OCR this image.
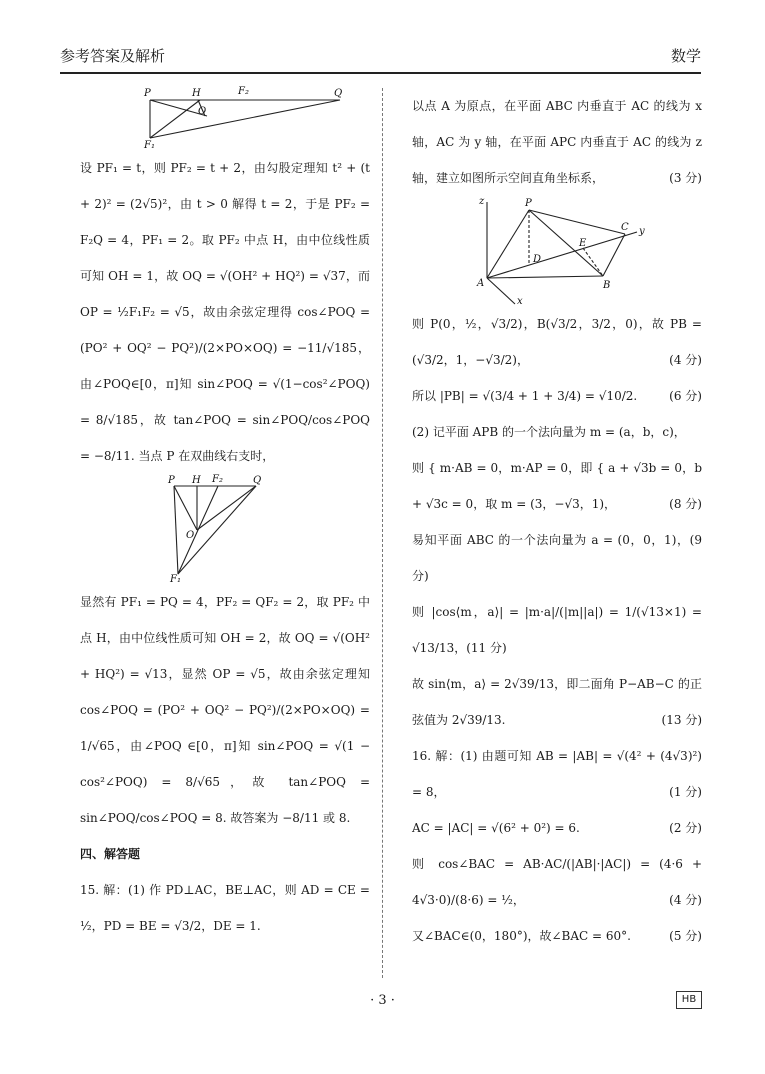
参考答案及解析	数学
P	H
O
F₂	Q
F₁

设 PF₁ = t，则 PF₂ = t + 2，由勾股定理知 t² + (t + 2)² = (2√5)²，由 t > 0 解得 t = 2，于是 PF₂ = F₂Q = 4，PF₁ = 2。取 PF₂ 中点 H，由中位线性质可知 OH = 1，故 OQ = √(OH² + HQ²) = √37，而 OP = ½F₁F₂ = √5，故由余弦定理得 cos∠POQ = (PO² + OQ² − PQ²)/(2×PO×OQ) = −11/√185，由∠POQ∈[0，π]知 sin∠POQ = √(1−cos²∠POQ) = 8/√185，故 tan∠POQ = sin∠POQ/cos∠POQ = −8/11. 当点 P 在双曲线右支时，

P H F₂	Q
O
F₁

显然有 PF₁ = PQ = 4，PF₂ = QF₂ = 2，取 PF₂ 中点 H，由中位线性质可知 OH = 2，故 OQ = √(OH² + HQ²) = √13，显然 OP = √5，故由余弦定理知 cos∠POQ = (PO² + OQ² − PQ²)/(2×PO×OQ) = 1/√65，由∠POQ ∈[0，π]知 sin∠POQ = √(1 − cos²∠POQ) = 8/√65，故 tan∠POQ = sin∠POQ/cos∠POQ = 8. 故答案为 −8/11 或 8.

四、解答题

15. 解：(1) 作 PD⊥AC，BE⊥AC，则 AD = CE = ½，PD = BE = √3/2，DE = 1.

以点 A 为原点，在平面 ABC 内垂直于 AC 的线为 x 轴，AC 为 y 轴，在平面 APC 内垂直于 AC 的线为 z 轴，建立如图所示空间直角坐标系，	(3 分)

z	P
C y
E
D
A	B
x

则 P(0，½，√3/2)，B(√3/2，3/2，0)，故 PB = (√3/2，1，−√3/2)，	(4 分)

所以 |PB| = √(3/4 + 1 + 3/4) = √10/2.	(6 分)

(2) 记平面 APB 的一个法向量为 m = (a，b，c)，

则 { m·AB = 0，m·AP = 0，即 { a + √3b = 0，b + √3c = 0，取 m = (3，−√3，1)，	(8 分)

易知平面 ABC 的一个法向量为 a = (0，0，1)，(9 分)

则 |cos⟨m，a⟩| = |m·a|/(|m||a|) = 1/(√13×1) = √13/13，(11 分)

故 sin⟨m，a⟩ = 2√39/13，即二面角 P−AB−C 的正弦值为 2√39/13.	(13 分)

16. 解：(1) 由题可知 AB = |AB| = √(4² + (4√3)²) = 8，	(1 分)

AC = |AC| = √(6² + 0²) = 6.	(2 分)

则 cos∠BAC = AB·AC/(|AB|·|AC|) = (4·6 + 4√3·0)/(8·6) = ½，	(4 分)

又∠BAC∈(0，180°)，故∠BAC = 60°.	(5 分)
· 3 ·	HB
